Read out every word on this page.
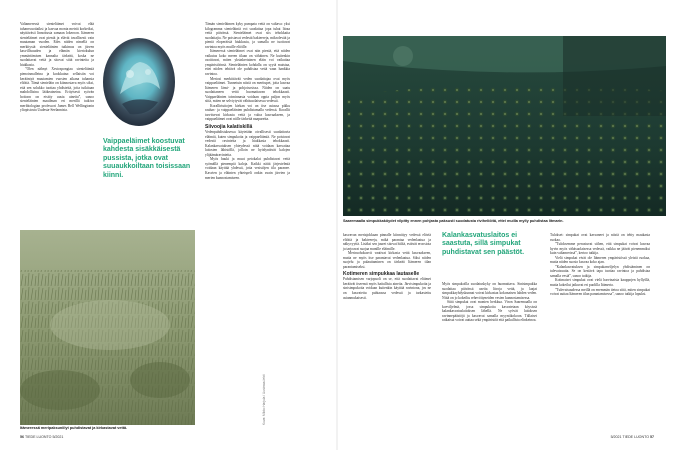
Valtameressä sienieläimet voivat elää tuhansvuotiaiksi ja kasvaa monta metriä korkeiksi, näyttävästi linnoitusta samaan lokeroon. Itämeren sienieläimet ovat pieniä ja elävät tavallisesti vain muutaman vuoden. Edes niiden nimellä on merkitystä: sienieläinten tutkimus on järven kasvillisuuden ja elämän kiertokulun ymmärtämisen kannalta tärkeää, koska ne suodattavat vettä ja sitovat siitä ravinteita ja hiukkasia.

”Olen nähnyt Xestospongiaa sienieläimiä pienoismalleina ja kookkaina: sellaisiin voi kerääntyä muutamien vuosien aikana tuhansia eliöitä. Tämä sienieläin on kiinnostava myös siksi, että sen solukko tuottaa yhdisteitä, joita tutkitaan mahdollisina lääkeaineina. Erityisesti syövän hoitoon on etsitty uusia aineita”, sanoo sienieläinten maailman eri merillä tutkiva meribiologian professori James Bell Wellingtonin yliopistosta Uudesta-Seelannista.

Vaippaeläimet koostuvat kahdesta sisäkkäisestä pussista, jotka ovat suuaukkoiltaan toisissaan kiinni.
Itämeressä meripaksuniilyt puhdistavat ja kirkastavat vettä.
Kuva: Mikko Harjula / Uusimaa-lehti

Tämän sienieläimen kyky pumpata vettä on valtava: yksi kilogramma sienieläintä voi suodattaa jopa tuhat litraa vettä päivässä. Sienieläimet ovat siis tehokkaita suodattajia. Ne poistavat vedestä bakteereja, mikrolevää ja pieniä eloperäisiä hiukkasia, ja samalla ne tuottavat ravintoa myös muille eliöille.

Itämeressä sienieläimet ovat niin pieniä, että niiden vaikutus koko meren tilaan on vähäinen. Ne kuitenkin osoittavat, miten yksinkertainen eläin voi vaikuttaa ympäristöönsä. Sienieläinten kohdalla on syytä muistaa, ettei niiden tehtävä ole puhdistaa vettä vaan hankkia ravintoa.

Meriosi merkittävää veden suodattajaa ovat myös vaippaeläimet. Tunnetuin niistä on meritupet, joita kasvaa Itämeren länsi- ja pohjoisosissa. Niiden on saatu suodattaneen vettä huomattavan tehokkaasti. Vaippaeläinten toiminnasta voidaan oppia paljon myös siitä, miten ne selviytyvät vähäsuolaisessa vedessä.

Koralliriuttojen kiekan voi on itse asiassa pikku rauhas- ja vaippaeläinten puhdistamalla vedessä. Korallit tarvitsevat kirkasta vettä ja valoa kasvaakseen, ja vaippaeläimet ovat niille tärkeitä naapureita.

Siivoojia kalatiskillä

Vedenpuhdistuksessa käytetään oivallisesti suodattavia eläimiä, kuten simpukoita ja vaippaeläimiä. Ne poistavat vedestä ravinteita ja hiukkasia tehokkaasti. Kalankasvatuksen yhteydessä niitä voidaan kasvattaa laitosten lähistöllä, jolloin ne hyödyntävät kalojen ylijäämäravinteita.

Myös hauki ja muut petokalat puhdistavat vettä syömällä pienempiä kaloja. Kaikki näitä järjestelmiä voidaan käyttää yhdessä, jotta vesistöjen tila paranee. Kasvien ja eläinten yhteispeli onkin avain järvien ja merien kunnostamiseen.

Saaremaalla simpukkaköydet vilpitty ennen pohjasta paksusti suodatusta riviheliöitä, ettei muilla mylly puhdistaa litmarin.

kasvavan meriajokkaan pinnalle kiinnittyy vedessä eläviä eliöitä ja bakteereja, mikä parantaa vedenlaatua ja näkyvyyttä. Lisäksi sen juuret sitovat hiiltä, estävät eroosiota ja tarjoavat suojaa monille eläimille.

Meriruohokasvit vaativat kirkasta vettä kasvaakseen, mutta ne myös itse parantavat vedenlaatua. Siksi niiden suojelu ja palauttaminen on tärkeää Itämeren tilan parantamiseksi.

Kotimeren simpukkaa lautaselle

Puhdistamisen varjopuoli on se, että suodattavat eläimet keräävät itseensä myös haitallisia aineita. Järvisimpukoita ja sinisimpukoita voidaan kuitenkin käyttää ravintona, jos ne on kasvatettu puhtaassa vedessä ja tarkastettu asianmukaisesti.

Kalankasvatuslaitos ei saastuta, sillä simpukat puhdistavat sen päästöt.

Myös simpukoilla suodatuskyky on huomattava. Sinisimpukka suodattaa päivässä useita litroja vettä, ja laajat simpukkayhdyskunnat voivat kirkastaa kokonaisen lahden veden. Niitä on jo kokeiltu rehevöityneiden vesien kunnostamisessa.

Siitä simpukat ovat monien herkkua. Viron Saaremaalla on koeviljelmä, jossa simpukoita kasvatetaan köysissä kalankasvatuslaitoksen lähellä. Ne syövät laitoksen ravinnepäästöjä ja kasvavat samalla myyntikokoon. Tällaiset ratkaisut voivat auttaa sekä ympäristöä että paikallista elinkeinoa.

Tulokset: simpukat ovat kasvaneet ja niistä on tehty maukasta ruokaa.

”Tuloksemme perustuvat siihen, että simpukat voivat kasvaa hyvin myös vähäsuolaisessa vedessä, vaikka ne jäävät pienemmiksi kuin valtamerissä”, kertoo tutkija.

Vielä simpukat eivät ole Itämeren ympäristössä yleistä ruokaa, mutta niiden suosio kasvaa koko ajan.

”Kalankasvatuksen ja simpukanviljelyn yhdistäminen on tulevaisuutta. Se on kestävä tapa tuottaa ravintoa ja puhdistaa samalla vesiä”, sanoo tutkija.

Kotimaiset simpukat ovat vielä harvinaisia kauppojen hyllyillä, mutta kokeilut jatkuvat eri puolilla Itämerta.

”Tulevaisuudessa meillä on enemmän tietoa siitä, miten simpukat voivat auttaa Itämeren tilan parantamisessa”, sanoo tutkija lopuksi.

56 TIEDE LUONTO 5/2021	5/2021 TIEDE LUONTO 57
